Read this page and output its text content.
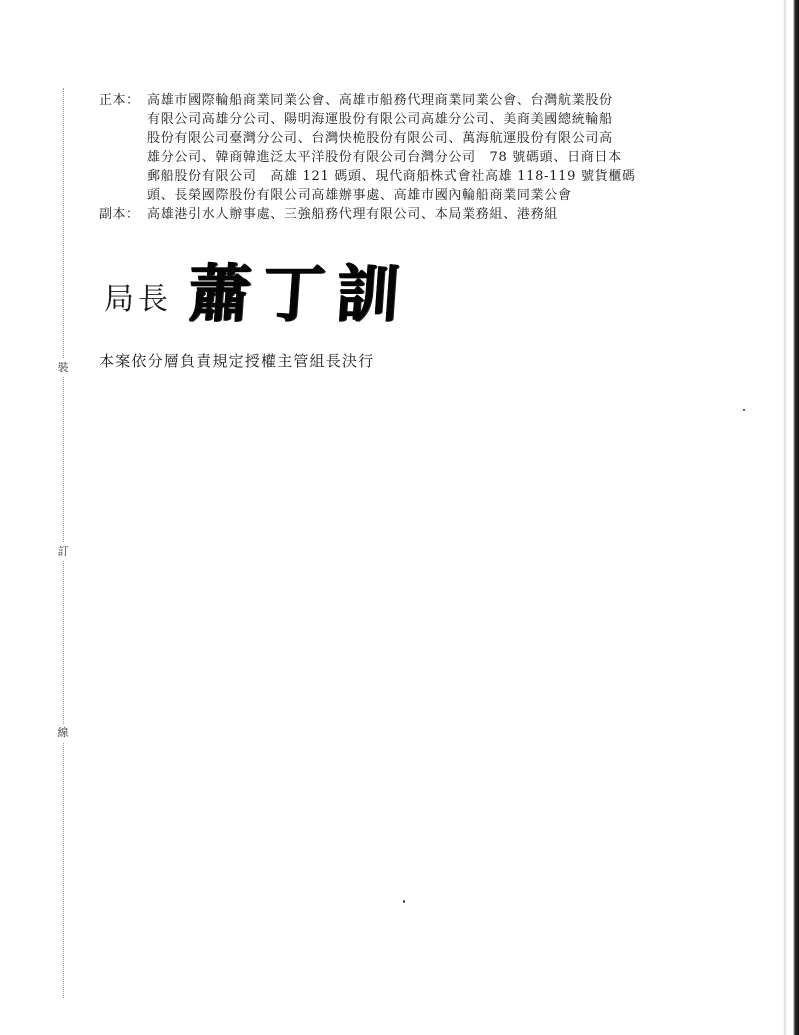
裝
訂
線
正本： 高雄市國際輪船商業同業公會、高雄市船務代理商業同業公會、台灣航業股份
有限公司高雄分公司、陽明海運股份有限公司高雄分公司、美商美國總統輪船
股份有限公司臺灣分公司、台灣快桅股份有限公司、萬海航運股份有限公司高
雄分公司、韓商韓進泛太平洋股份有限公司台灣分公司　78 號碼頭、日商日本
郵船股份有限公司　高雄 121 碼頭、現代商船株式會社高雄 118-119 號貨櫃碼
頭、長榮國際股份有限公司高雄辦事處、高雄市國內輪船商業同業公會
副本： 高雄港引水人辦事處、三強船務代理有限公司、本局業務組、港務組
局長 蕭丁訓
本案依分層負責規定授權主管組長決行
